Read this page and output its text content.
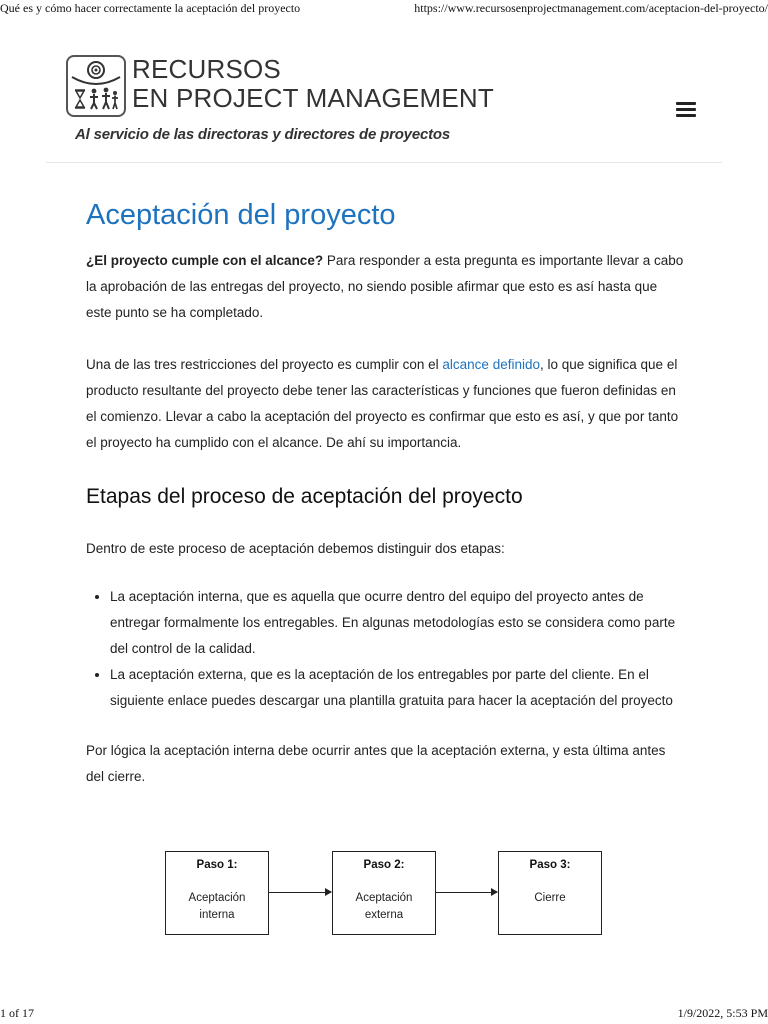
Qué es y cómo hacer correctamente la aceptación del proyecto	https://www.recursosenprojectmanagement.com/aceptacion-del-proyecto/
RECURSOS
EN PROJECT MANAGEMENT
Al servicio de las directoras y directores de proyectos
Aceptación del proyecto

¿El proyecto cumple con el alcance? Para responder a esta pregunta es importante llevar a cabo la aprobación de las entregas del proyecto, no siendo posible afirmar que esto es así hasta que este punto se ha completado.

Una de las tres restricciones del proyecto es cumplir con el alcance definido, lo que significa que el producto resultante del proyecto debe tener las características y funciones que fueron definidas en el comienzo. Llevar a cabo la aceptación del proyecto es confirmar que esto es así, y que por tanto el proyecto ha cumplido con el alcance. De ahí su importancia.

Etapas del proceso de aceptación del proyecto

Dentro de este proceso de aceptación debemos distinguir dos etapas:

• La aceptación interna, que es aquella que ocurre dentro del equipo del proyecto antes de entregar formalmente los entregables. En algunas metodologías esto se considera como parte del control de la calidad.
• La aceptación externa, que es la aceptación de los entregables por parte del cliente. En el siguiente enlace puedes descargar una plantilla gratuita para hacer la aceptación del proyecto

Por lógica la aceptación interna debe ocurrir antes que la aceptación externa, y esta última antes del cierre.

Paso 1:
Aceptación
interna
Paso 2:
Aceptación
externa
Paso 3:
Cierre
1 of 17	1/9/2022, 5:53 PM
